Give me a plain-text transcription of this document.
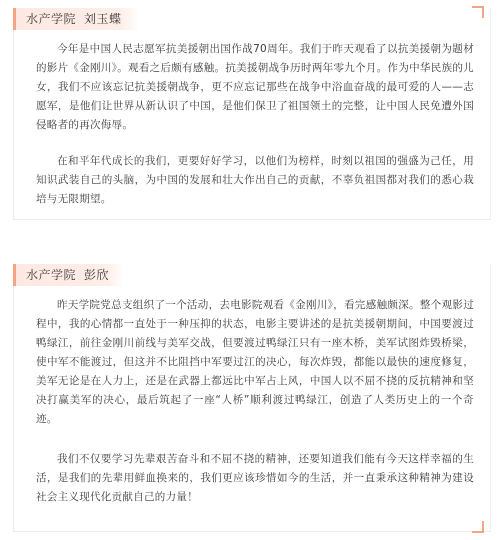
水产学院 刘玉蝶

今年是中国人民志愿军抗美援朝出国作战70周年。我们于昨天观看了以抗美援朝为题材的影片《金刚川》。观看之后颇有感触。抗美援朝战争历时两年零九个月。作为中华民族的儿女，我们不应该忘记抗美援朝战争，更不应忘记那些在战争中浴血奋战的最可爱的人——志愿军，是他们让世界从新认识了中国，是他们保卫了祖国领土的完整，让中国人民免遭外国侵略者的再次侮辱。

在和平年代成长的我们，更要好好学习，以他们为榜样，时刻以祖国的强盛为己任，用知识武装自己的头脑，为中国的发展和壮大作出自己的贡献，不辜负祖国都对我们的悉心栽培与无限期望。

水产学院 彭欣

昨天学院党总支组织了一个活动，去电影院观看《金刚川》，看完感触颇深。整个观影过程中，我的心情都一直处于一种压抑的状态，电影主要讲述的是抗美援朝期间，中国要渡过鸭绿江，前往金刚川前线与美军交战，但要渡过鸭绿江只有一座木桥，美军试图炸毁桥梁，使中军不能渡过，但这并不比阻挡中军要过江的决心，每次炸毁，都能以最快的速度修复，美军无论是在人力上，还是在武器上都远比中军占上风，中国人以不屈不挠的反抗精神和坚决打赢美军的决心，最后筑起了一座“人桥”顺利渡过鸭绿江，创造了人类历史上的一个奇迹。

我们不仅要学习先辈艰苦奋斗和不屈不挠的精神，还要知道我们能有今天这样幸福的生活，是我们的先辈用鲜血换来的，我们更应该珍惜如今的生活，并一直秉承这种精神为建设社会主义现代化贡献自己的力量！
